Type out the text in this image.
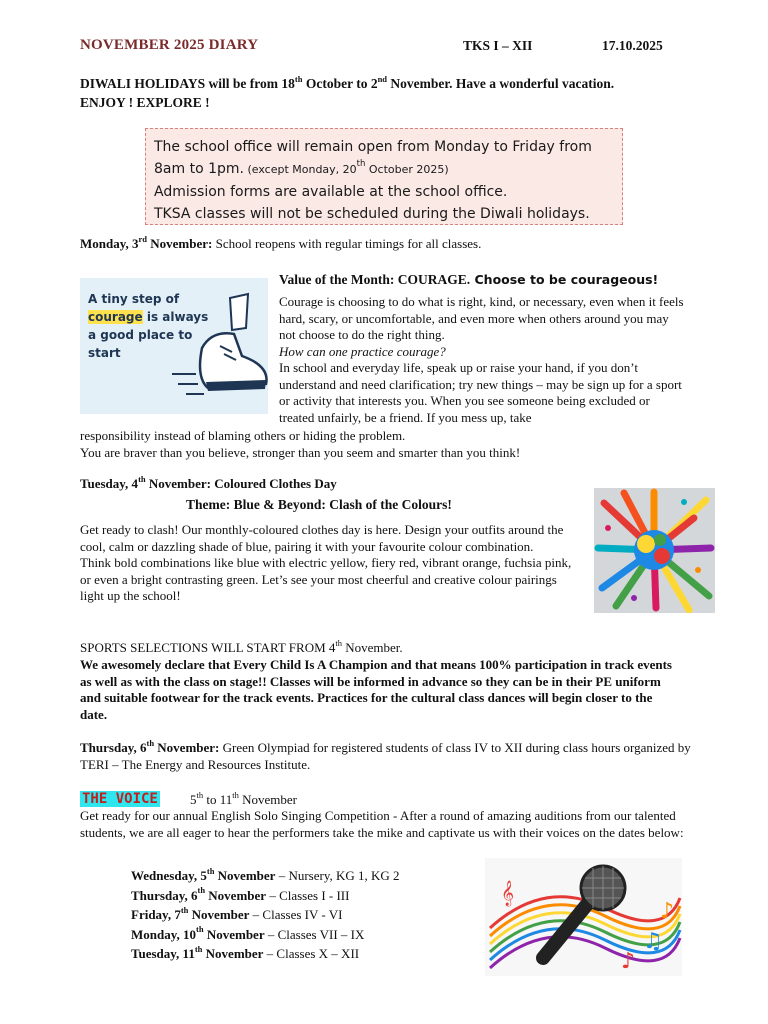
NOVEMBER 2025 DIARY	TKS I – XII	17.10.2025
DIWALI HOLIDAYS will be from 18th October to 2nd November. Have a wonderful vacation.
ENJOY ! EXPLORE !
The school office will remain open from Monday to Friday from
8am to 1pm. (except Monday, 20th October 2025)
Admission forms are available at the school office.
TKSA classes will not be scheduled during the Diwali holidays.
Monday, 3rd November: School reopens with regular timings for all classes.
A tiny step of
courage is always a good place to start
Value of the Month: COURAGE. Choose to be courageous!
Courage is choosing to do what is right, kind, or necessary, even when it feels hard, scary, or uncomfortable, and even more when others around you may not choose to do the right thing.
How can one practice courage?
In school and everyday life, speak up or raise your hand, if you don’t understand and need clarification; try new things – may be sign up for a sport or activity that interests you. When you see someone being excluded or treated unfairly, be a friend. If you mess up, take
responsibility instead of blaming others or hiding the problem.
You are braver than you believe, stronger than you seem and smarter than you think!
Tuesday, 4th November: Coloured Clothes Day
Theme: Blue & Beyond: Clash of the Colours!
Get ready to clash! Our monthly-coloured clothes day is here. Design your outfits around the cool, calm or dazzling shade of blue, pairing it with your favourite colour combination.
Think bold combinations like blue with electric yellow, fiery red, vibrant orange, fuchsia pink, or even a bright contrasting green. Let’s see your most cheerful and creative colour pairings light up the school!
SPORTS SELECTIONS WILL START FROM 4th November.
We awesomely declare that Every Child Is A Champion and that means 100% participation in track events as well as with the class on stage!! Classes will be informed in advance so they can be in their PE uniform and suitable footwear for the track events. Practices for the cultural class dances will begin closer to the date.
Thursday, 6th November: Green Olympiad for registered students of class IV to XII during class hours organized by TERI – The Energy and Resources Institute.
THE VOICE 5th to 11th November
Get ready for our annual English Solo Singing Competition - After a round of amazing auditions from our talented students, we are all eager to hear the performers take the mike and captivate us with their voices on the dates below:
Wednesday, 5th November – Nursery, KG 1, KG 2
Thursday, 6th November – Classes I - III
Friday, 7th November – Classes IV - VI
Monday, 10th November – Classes VII – IX
Tuesday, 11th November – Classes X – XII
𝄞
♫
♪
♪
